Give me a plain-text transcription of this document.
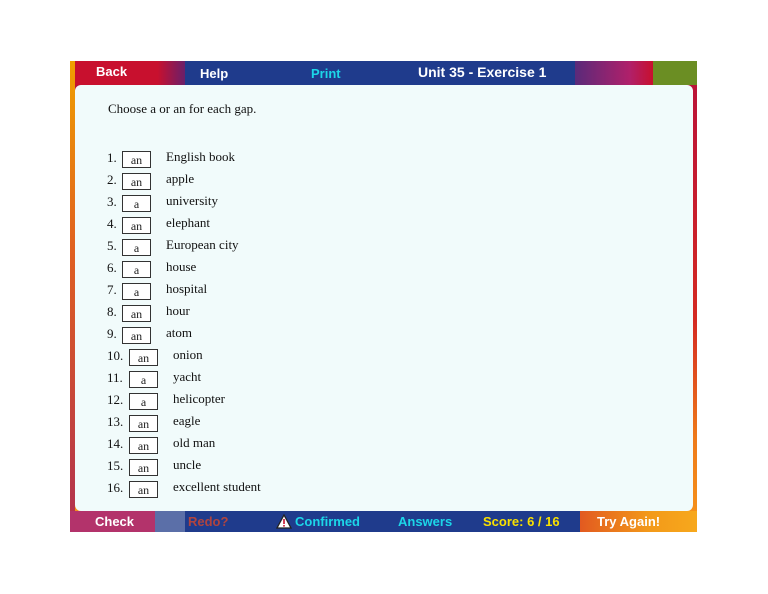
Back	Help	Print	Unit 35 - Exercise 1
Choose a or an for each gap.
1.	an	English book
2.	an	apple
3.	a	university
4.	an	elephant
5.	a	European city
6.	a	house
7.	a	hospital
8.	an	hour
9.	an	atom
10.	an	onion
11.	a	yacht
12.	a	helicopter
13.	an	eagle
14.	an	old man
15.	an	uncle
16.	an	excellent student
Check	Redo?	Confirmed	Answers Score: 6 / 16	Try Again!
